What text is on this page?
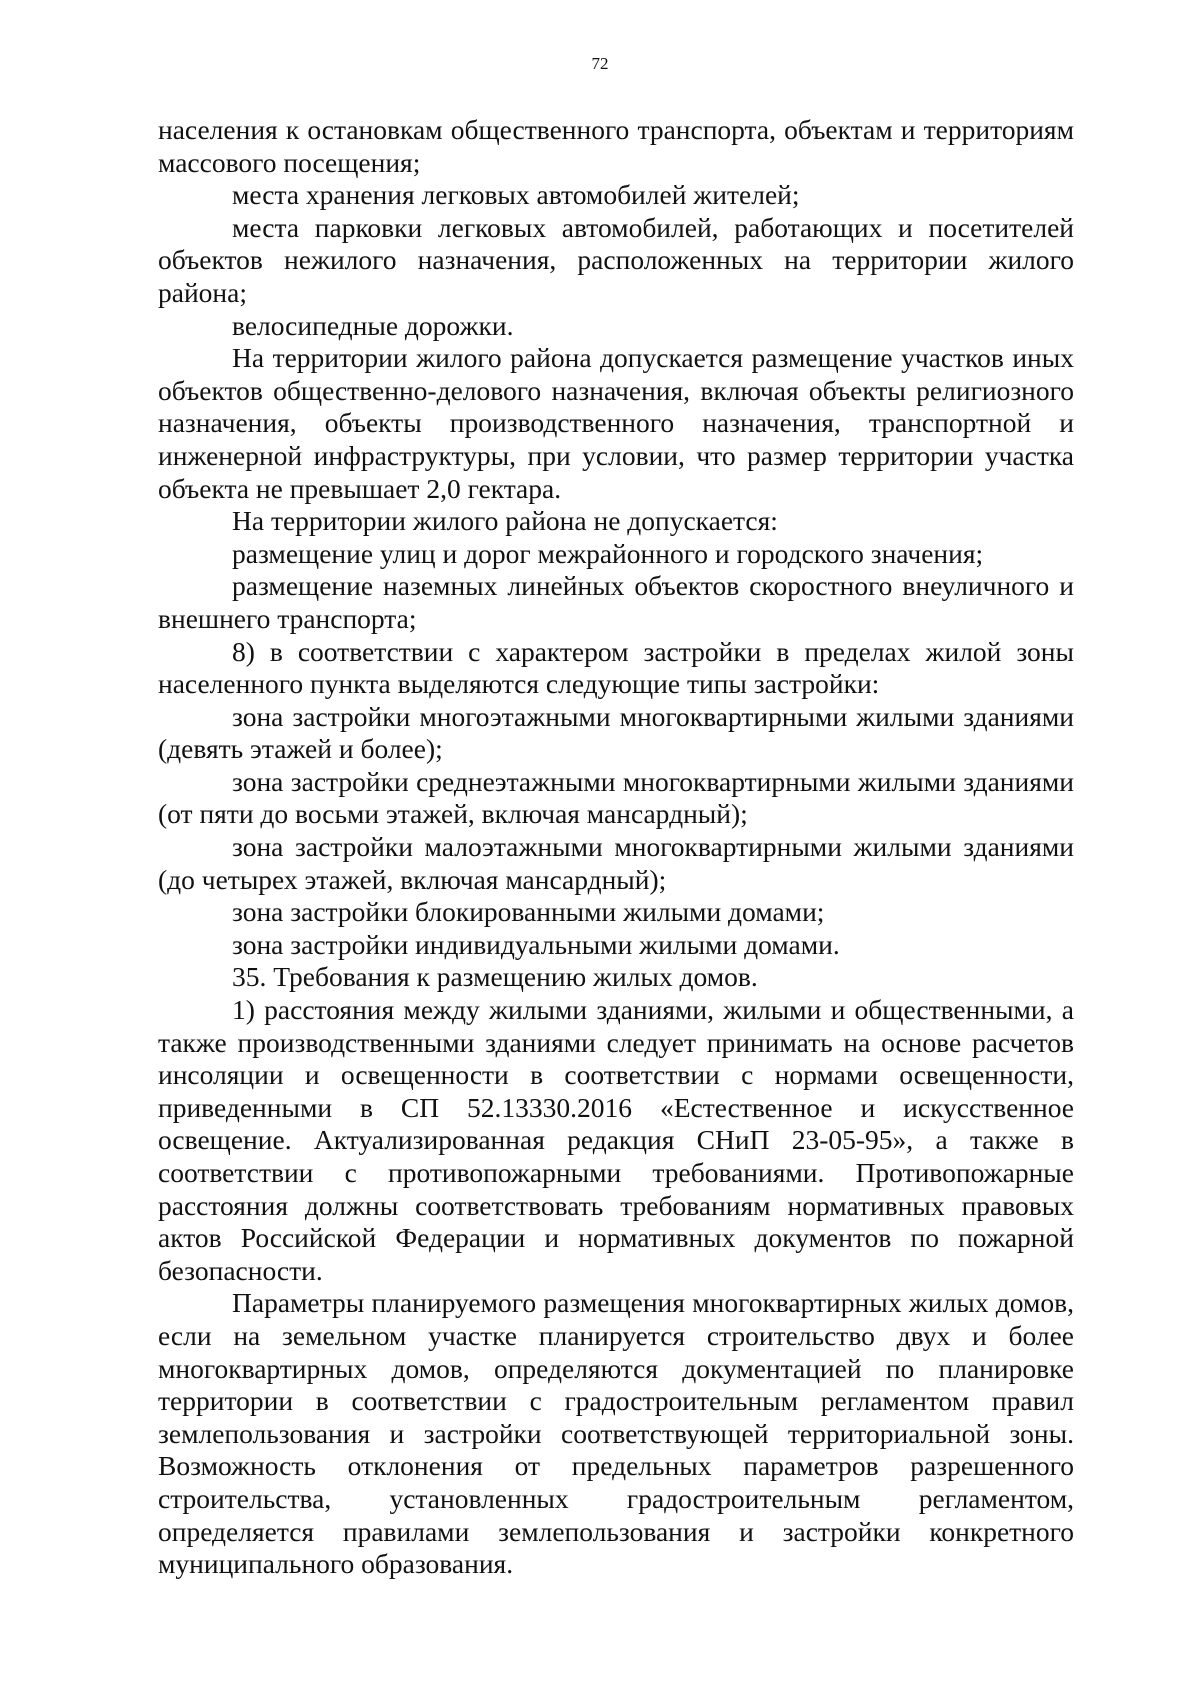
72

населения к остановкам общественного транспорта, объектам и территориям массового посещения;

места хранения легковых автомобилей жителей;

места парковки легковых автомобилей, работающих и посетителей объектов нежилого назначения, расположенных на территории жилого района;

велосипедные дорожки.

На территории жилого района допускается размещение участков иных объектов общественно-делового назначения, включая объекты религиозного назначения, объекты производственного назначения, транспортной и инженерной инфраструктуры, при условии, что размер территории участка объекта не превышает 2,0 гектара.

На территории жилого района не допускается:

размещение улиц и дорог межрайонного и городского значения;

размещение наземных линейных объектов скоростного внеуличного и внешнего транспорта;

8) в соответствии с характером застройки в пределах жилой зоны населенного пункта выделяются следующие типы застройки:

зона застройки многоэтажными многоквартирными жилыми зданиями (девять этажей и более);

зона застройки среднеэтажными многоквартирными жилыми зданиями (от пяти до восьми этажей, включая мансардный);

зона застройки малоэтажными многоквартирными жилыми зданиями (до четырех этажей, включая мансардный);

зона застройки блокированными жилыми домами;

зона застройки индивидуальными жилыми домами.

35. Требования к размещению жилых домов.

1) расстояния между жилыми зданиями, жилыми и общественными, а также производственными зданиями следует принимать на основе расчетов инсоляции и освещенности в соответствии с нормами освещенности, приведенными в СП 52.13330.2016 «Естественное и искусственное освещение. Актуализированная редакция СНиП 23-05-95», а также в соответствии с противопожарными требованиями. Противопожарные расстояния должны соответствовать требованиям нормативных правовых актов Российской Федерации и нормативных документов по пожарной безопасности.

Параметры планируемого размещения многоквартирных жилых домов, если на земельном участке планируется строительство двух и более многоквартирных домов, определяются документацией по планировке территории в соответствии с градостроительным регламентом правил землепользования и застройки соответствующей территориальной зоны. Возможность отклонения от предельных параметров разрешенного строительства, установленных градостроительным регламентом, определяется правилами землепользования и застройки конкретного муниципального образования.
